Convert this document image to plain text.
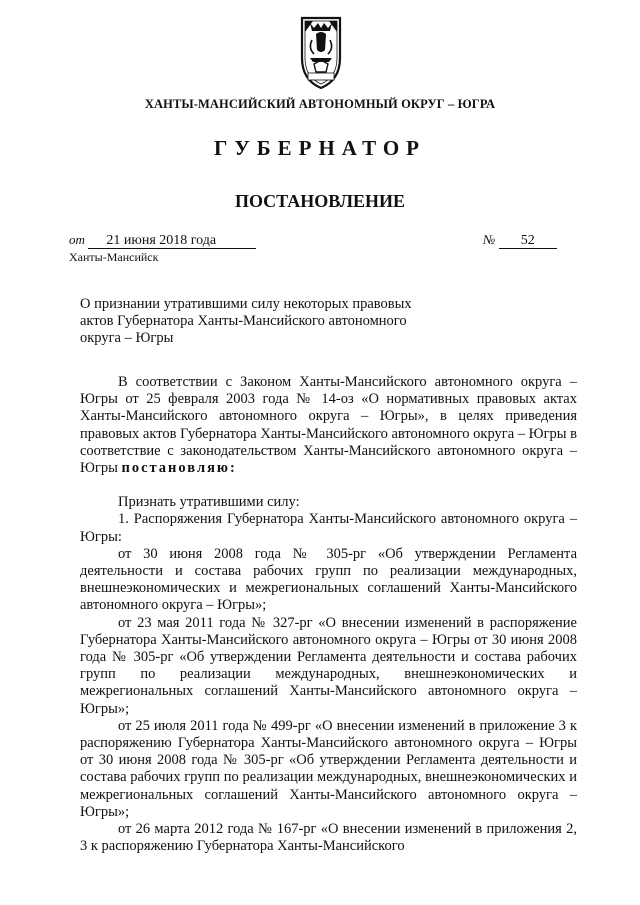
ХАНТЫ-МАНСИЙСКИЙ АВТОНОМНЫЙ ОКРУГ – ЮГРА
ГУБЕРНАТОР
ПОСТАНОВЛЕНИЕ
от 21 июня 2018 года	№ 52
Ханты-Мансийск
О признании утратившими силу некоторых правовых актов Губернатора Ханты-Мансийского автономного округа – Югры

В соответствии с Законом Ханты-Мансийского автономного округа – Югры от 25 февраля 2003 года № 14-оз «О нормативных правовых актах Ханты-Мансийского автономного округа – Югры», в целях приведения правовых актов Губернатора Ханты-Мансийского автономного округа – Югры в соответствие с законодательством Ханты-Мансийского автономного округа – Югры постановляю:

Признать утратившими силу:

1. Распоряжения Губернатора Ханты-Мансийского автономного округа – Югры:

от 30 июня 2008 года № 305-рг «Об утверждении Регламента деятельности и состава рабочих групп по реализации международных, внешнеэкономических и межрегиональных соглашений Ханты-Мансийского автономного округа – Югры»;

от 23 мая 2011 года № 327-рг «О внесении изменений в распоряжение Губернатора Ханты-Мансийского автономного округа – Югры от 30 июня 2008 года № 305-рг «Об утверждении Регламента деятельности и состава рабочих групп по реализации международных, внешнеэкономических и межрегиональных соглашений Ханты-Мансийского автономного округа – Югры»;

от 25 июля 2011 года № 499-рг «О внесении изменений в приложение 3 к распоряжению Губернатора Ханты-Мансийского автономного округа – Югры от 30 июня 2008 года № 305-рг «Об утверждении Регламента деятельности и состава рабочих групп по реализации международных, внешнеэкономических и межрегиональных соглашений Ханты-Мансийского автономного округа – Югры»;

от 26 марта 2012 года № 167-рг «О внесении изменений в приложения 2, 3 к распоряжению Губернатора Ханты-Мансийского
